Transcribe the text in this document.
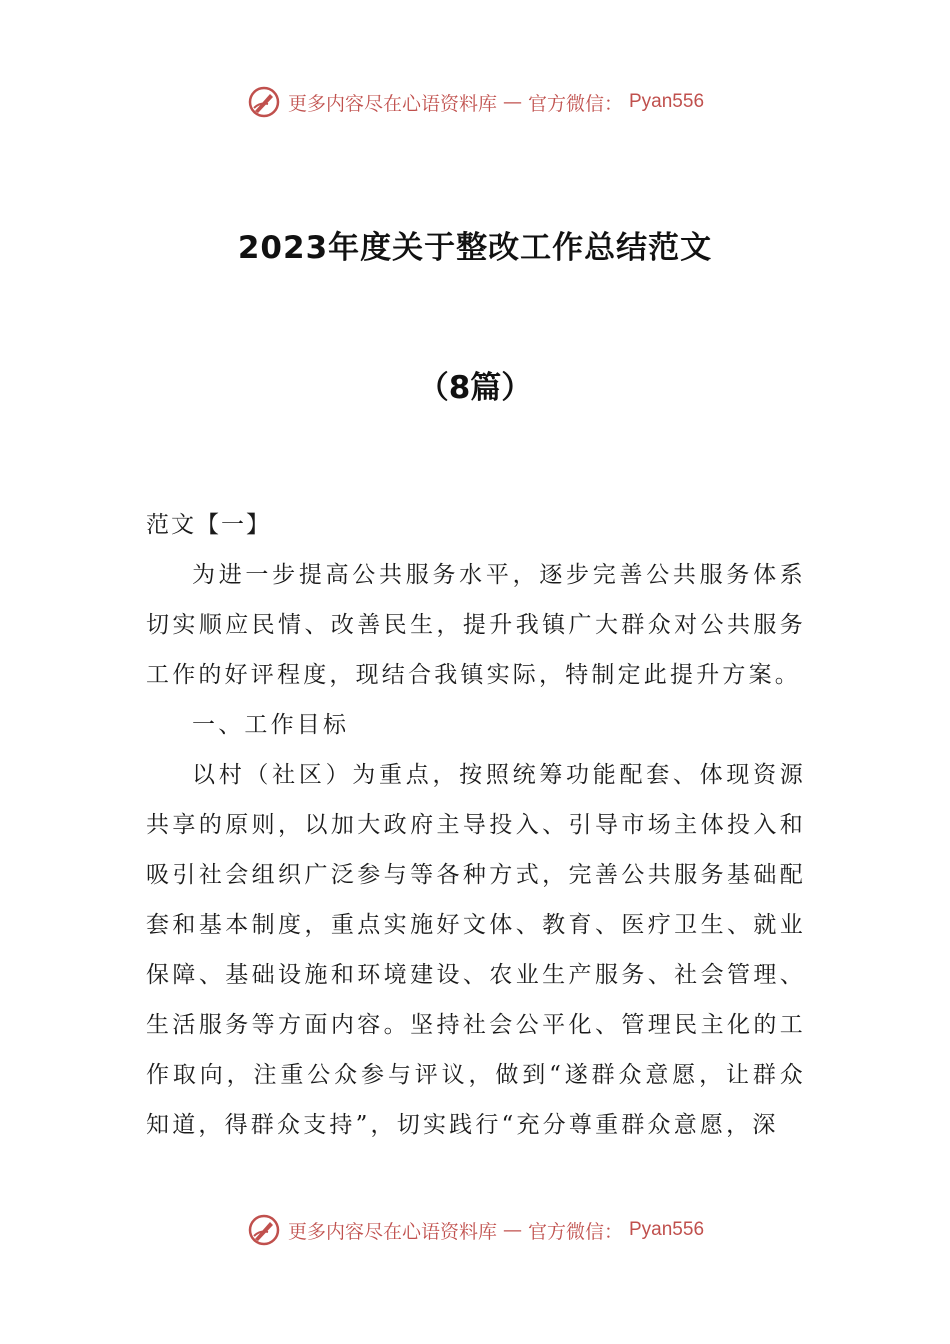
更多内容尽在心语资料库 — 官方微信： Pyan556
2023年度关于整改工作总结范文
（8篇）

范文【一】

为进一步提高公共服务水平，逐步完善公共服务体系切实顺应民情、改善民生，提升我镇广大群众对公共服务工作的好评程度，现结合我镇实际，特制定此提升方案。

一、工作目标

以村（社区）为重点，按照统筹功能配套、体现资源共享的原则，以加大政府主导投入、引导市场主体投入和吸引社会组织广泛参与等各种方式，完善公共服务基础配套和基本制度，重点实施好文体、教育、医疗卫生、就业保障、基础设施和环境建设、农业生产服务、社会管理、生活服务等方面内容。坚持社会公平化、管理民主化的工作取向，注重公众参与评议，做到“遂群众意愿，让群众知道，得群众支持”，切实践行“充分尊重群众意愿，深

更多内容尽在心语资料库 — 官方微信： Pyan556
